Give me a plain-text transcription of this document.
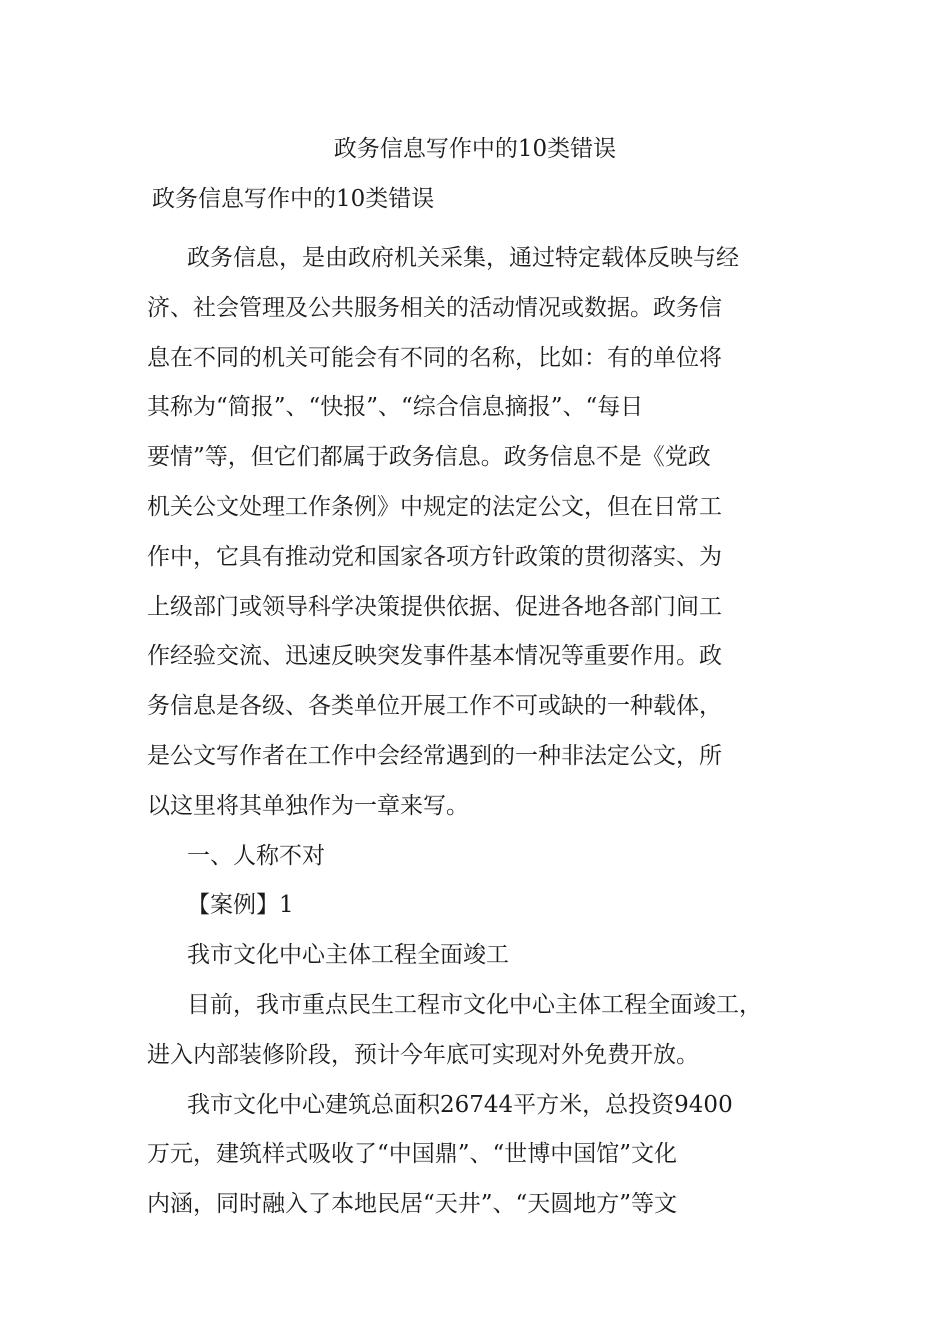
政务信息写作中的10类错误
政务信息写作中的10类错误
政务信息，是由政府机关采集，通过特定载体反映与经
济、社会管理及公共服务相关的活动情况或数据。政务信
息在不同的机关可能会有不同的名称，比如：有的单位将
其称为“简报”、“快报”、“综合信息摘报”、“每日
要情”等，但它们都属于政务信息。政务信息不是《党政
机关公文处理工作条例》中规定的法定公文，但在日常工
作中，它具有推动党和国家各项方针政策的贯彻落实、为
上级部门或领导科学决策提供依据、促进各地各部门间工
作经验交流、迅速反映突发事件基本情况等重要作用。政
务信息是各级、各类单位开展工作不可或缺的一种载体，
是公文写作者在工作中会经常遇到的一种非法定公文，所
以这里将其单独作为一章来写。
一、人称不对
【案例】1
我市文化中心主体工程全面竣工
目前，我市重点民生工程市文化中心主体工程全面竣工，
进入内部装修阶段，预计今年底可实现对外免费开放。
我市文化中心建筑总面积26744平方米，总投资9400
万元，建筑样式吸收了“中国鼎”、“世博中国馆”文化
内涵，同时融入了本地民居“天井”、“天圆地方”等文
